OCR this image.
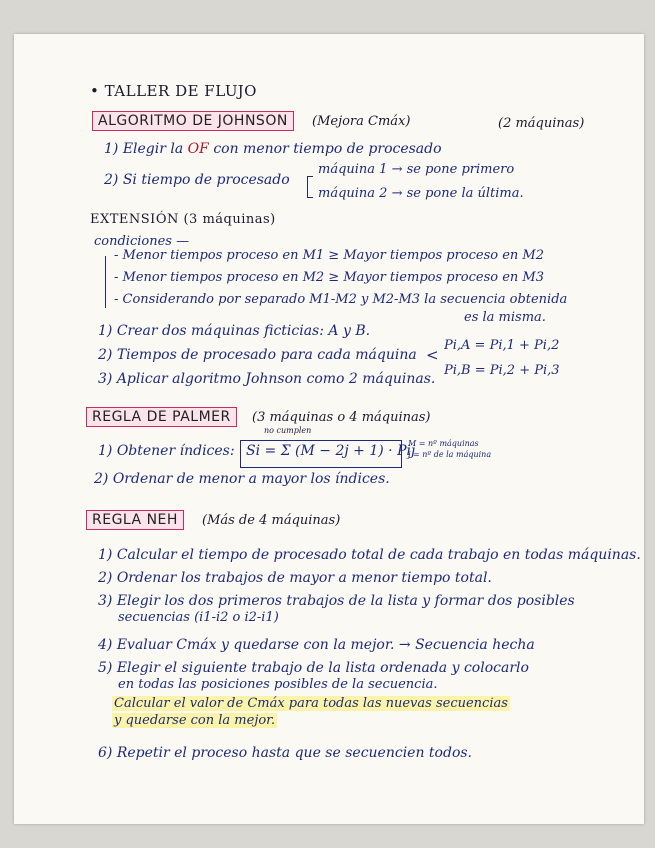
• TALLER DE FLUJO
ALGORITMO DE JOHNSON	(Mejora Cmáx)	(2 máquinas)
1) Elegir la OF con menor tiempo de procesado
2) Si tiempo de procesado
máquina 1 → se pone primero
máquina 2 → se pone la última.
EXTENSIÓN (3 máquinas)
condiciones —
- Menor tiempos proceso en M1 ≥ Mayor tiempos proceso en M2
- Menor tiempos proceso en M2 ≥ Mayor tiempos proceso en M3
- Considerando por separado M1-M2 y M2-M3 la secuencia obtenida
es la misma.
1) Crear dos máquinas ficticias: A y B.
2) Tiempos de procesado para cada máquina
3) Aplicar algoritmo Johnson como 2 máquinas.
<
Pi,A = Pi,1 + Pi,2
Pi,B = Pi,2 + Pi,3
REGLA DE PALMER	(3 máquinas o 4 máquinas)
no cumplen
1) Obtener índices: Si = Σ (M − 2j + 1) · Pij
M = nº máquinas
j = nº de la máquina
2) Ordenar de menor a mayor los índices.
REGLA NEH	(Más de 4 máquinas)
1) Calcular el tiempo de procesado total de cada trabajo en todas máquinas.
2) Ordenar los trabajos de mayor a menor tiempo total.
3) Elegir los dos primeros trabajos de la lista y formar dos posibles
secuencias (i1-i2 o i2-i1)
4) Evaluar Cmáx y quedarse con la mejor. → Secuencia hecha
5) Elegir el siguiente trabajo de la lista ordenada y colocarlo
en todas las posiciones posibles de la secuencia.
Calcular el valor de Cmáx para todas las nuevas secuencias
y quedarse con la mejor.
6) Repetir el proceso hasta que se secuencien todos.
